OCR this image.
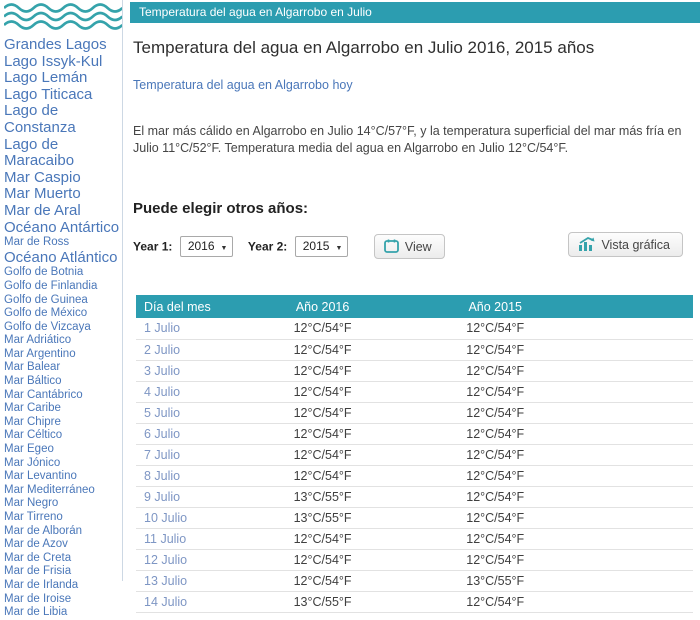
Grandes Lagos
Lago Issyk-Kul
Lago Lemán
Lago Titicaca
Lago de Constanza
Lago de Maracaibo
Mar Caspio
Mar Muerto
Mar de Aral
Océano Antártico
Mar de Ross
Océano Atlántico
Golfo de Botnia
Golfo de Finlandia
Golfo de Guinea
Golfo de México
Golfo de Vizcaya
Mar Adriático
Mar Argentino
Mar Balear
Mar Báltico
Mar Cantábrico
Mar Caribe
Mar Chipre
Mar Céltico
Mar Egeo
Mar Jónico
Mar Levantino
Mar Mediterráneo
Mar Negro
Mar Tirreno
Mar de Alborán
Mar de Azov
Mar de Creta
Mar de Frisia
Mar de Irlanda
Mar de Iroise
Mar de Libia
Temperatura del agua en Algarrobo en Julio
Temperatura del agua en Algarrobo en Julio 2016, 2015 años
Temperatura del agua en Algarrobo hoy

El mar más cálido en Algarrobo en Julio 14°C/57°F, y la temperatura superficial del mar más fría en Julio 11°C/52°F. Temperatura media del agua en Algarrobo en Julio 12°C/54°F.

Puede elegir otros años:
Year 1: 2016 ▼ Year 2: 2015 ▼	View	Vista gráfica
Día del mes	Año 2016	Año 2015	
1 Julio	12°C/54°F	12°C/54°F	
2 Julio	12°C/54°F	12°C/54°F	
3 Julio	12°C/54°F	12°C/54°F	
4 Julio	12°C/54°F	12°C/54°F	
5 Julio	12°C/54°F	12°C/54°F	
6 Julio	12°C/54°F	12°C/54°F	
7 Julio	12°C/54°F	12°C/54°F	
8 Julio	12°C/54°F	12°C/54°F	
9 Julio	13°C/55°F	12°C/54°F	
10 Julio	13°C/55°F	12°C/54°F	
11 Julio	12°C/54°F	12°C/54°F	
12 Julio	12°C/54°F	12°C/54°F	
13 Julio	12°C/54°F	13°C/55°F	
14 Julio	13°C/55°F	12°C/54°F	
